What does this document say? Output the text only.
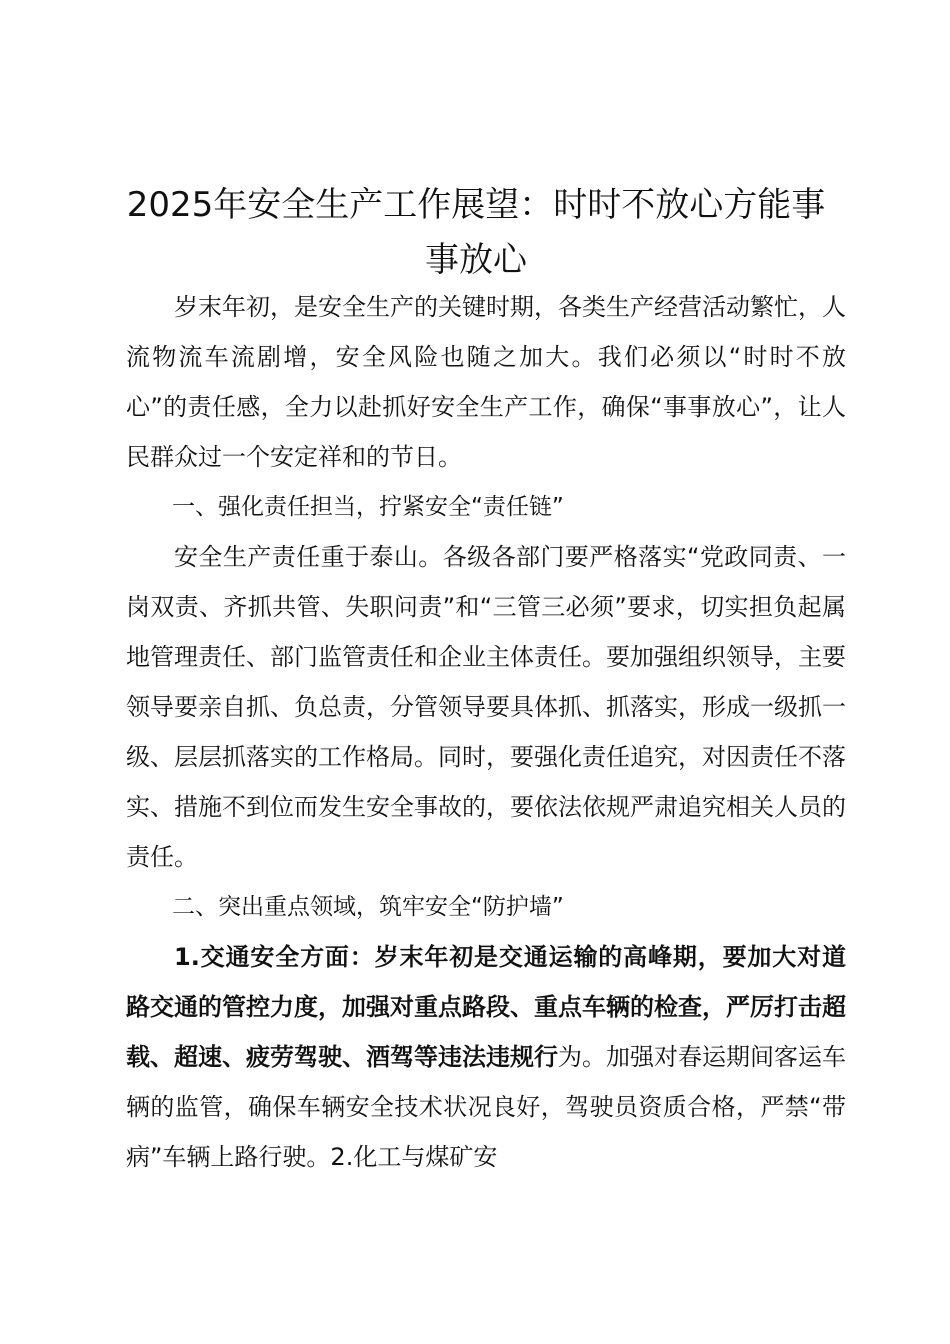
2025年安全生产工作展望：时时不放心方能事事放心

岁末年初，是安全生产的关键时期，各类生产经营活动繁忙，人流物流车流剧增，安全风险也随之加大。我们必须以“时时不放心”的责任感，全力以赴抓好安全生产工作，确保“事事放心”，让人民群众过一个安定祥和的节日。

一、强化责任担当，拧紧安全“责任链”

安全生产责任重于泰山。各级各部门要严格落实“党政同责、一岗双责、齐抓共管、失职问责”和“三管三必须”要求，切实担负起属地管理责任、部门监管责任和企业主体责任。要加强组织领导，主要领导要亲自抓、负总责，分管领导要具体抓、抓落实，形成一级抓一级、层层抓落实的工作格局。同时，要强化责任追究，对因责任不落实、措施不到位而发生安全事故的，要依法依规严肃追究相关人员的责任。

二、突出重点领域，筑牢安全“防护墙”

1.交通安全方面：岁末年初是交通运输的高峰期，要加大对道路交通的管控力度，加强对重点路段、重点车辆的检查，严厉打击超载、超速、疲劳驾驶、酒驾等违法违规行为。加强对春运期间客运车辆的监管，确保车辆安全技术状况良好，驾驶员资质合格，严禁“带病”车辆上路行驶。2.化工与煤矿安
